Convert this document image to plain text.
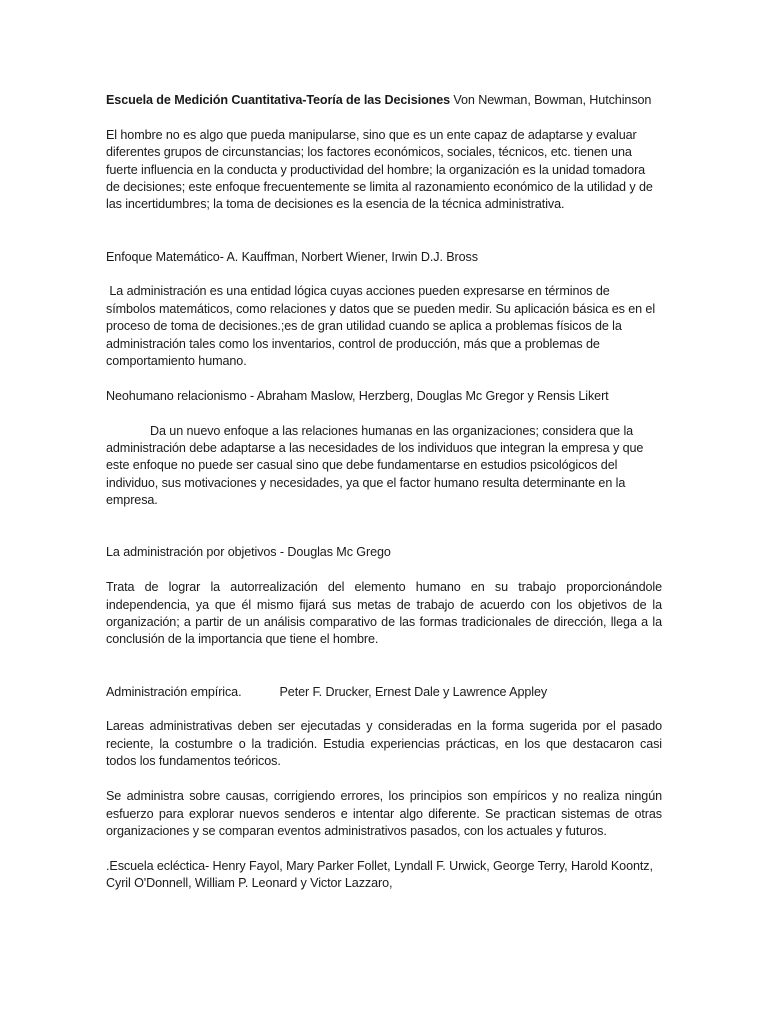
Escuela de Medición Cuantitativa-Teoría de las Decisiones Von Newman, Bowman, Hutchinson

El hombre no es algo que pueda manipularse, sino que es un ente capaz de adaptarse y evaluar diferentes grupos de circunstancias; los factores económicos, sociales, técnicos, etc. tienen una fuerte influencia en la conducta y productividad del hombre; la organización es la unidad tomadora de decisiones; este enfoque frecuentemente se limita al razonamiento económico de la utilidad y de las incertidumbres; la toma de decisiones es la esencia de la técnica administrativa.

Enfoque Matemático- A. Kauffman, Norbert Wiener, Irwin D.J. Bross

La administración es una entidad lógica cuyas acciones pueden expresarse en términos de símbolos matemáticos, como relaciones y datos que se pueden medir. Su aplicación básica es en el proceso de toma de decisiones.;es de gran utilidad cuando se aplica a problemas físicos de la administración tales como los inventarios, control de producción, más que a problemas de comportamiento humano.

Neohumano relacionismo - Abraham Maslow, Herzberg, Douglas Mc Gregor y Rensis Likert

Da un nuevo enfoque a las relaciones humanas en las organizaciones; considera que la administración debe adaptarse a las necesidades de los individuos que integran la empresa y que este enfoque no puede ser casual sino que debe fundamentarse en estudios psicológicos del individuo, sus motivaciones y necesidades, ya que el factor humano resulta determinante en la empresa.

La administración por objetivos - Douglas Mc Grego

Trata de lograr la autorrealización del elemento humano en su trabajo proporcionándole independencia, ya que él mismo fijará sus metas de trabajo de acuerdo con los objetivos de la organización; a partir de un análisis comparativo de las formas tradicionales de dirección, llega a la conclusión de la importancia que tiene el hombre.

Administración empírica.	Peter F. Drucker, Ernest Dale y Lawrence Appley

Lareas administrativas deben ser ejecutadas y consideradas en la forma sugerida por el pasado reciente, la costumbre o la tradición. Estudia experiencias prácticas, en los que destacaron casi todos los fundamentos teóricos.

Se administra sobre causas, corrigiendo errores, los principios son empíricos y no realiza ningún esfuerzo para explorar nuevos senderos e intentar algo diferente. Se practican sistemas de otras organizaciones y se comparan eventos administrativos pasados, con los actuales y futuros.

.Escuela ecléctica- Henry Fayol, Mary Parker Follet, Lyndall F. Urwick, George Terry, Harold Koontz, Cyril O'Donnell, William P. Leonard y Victor Lazzaro,
